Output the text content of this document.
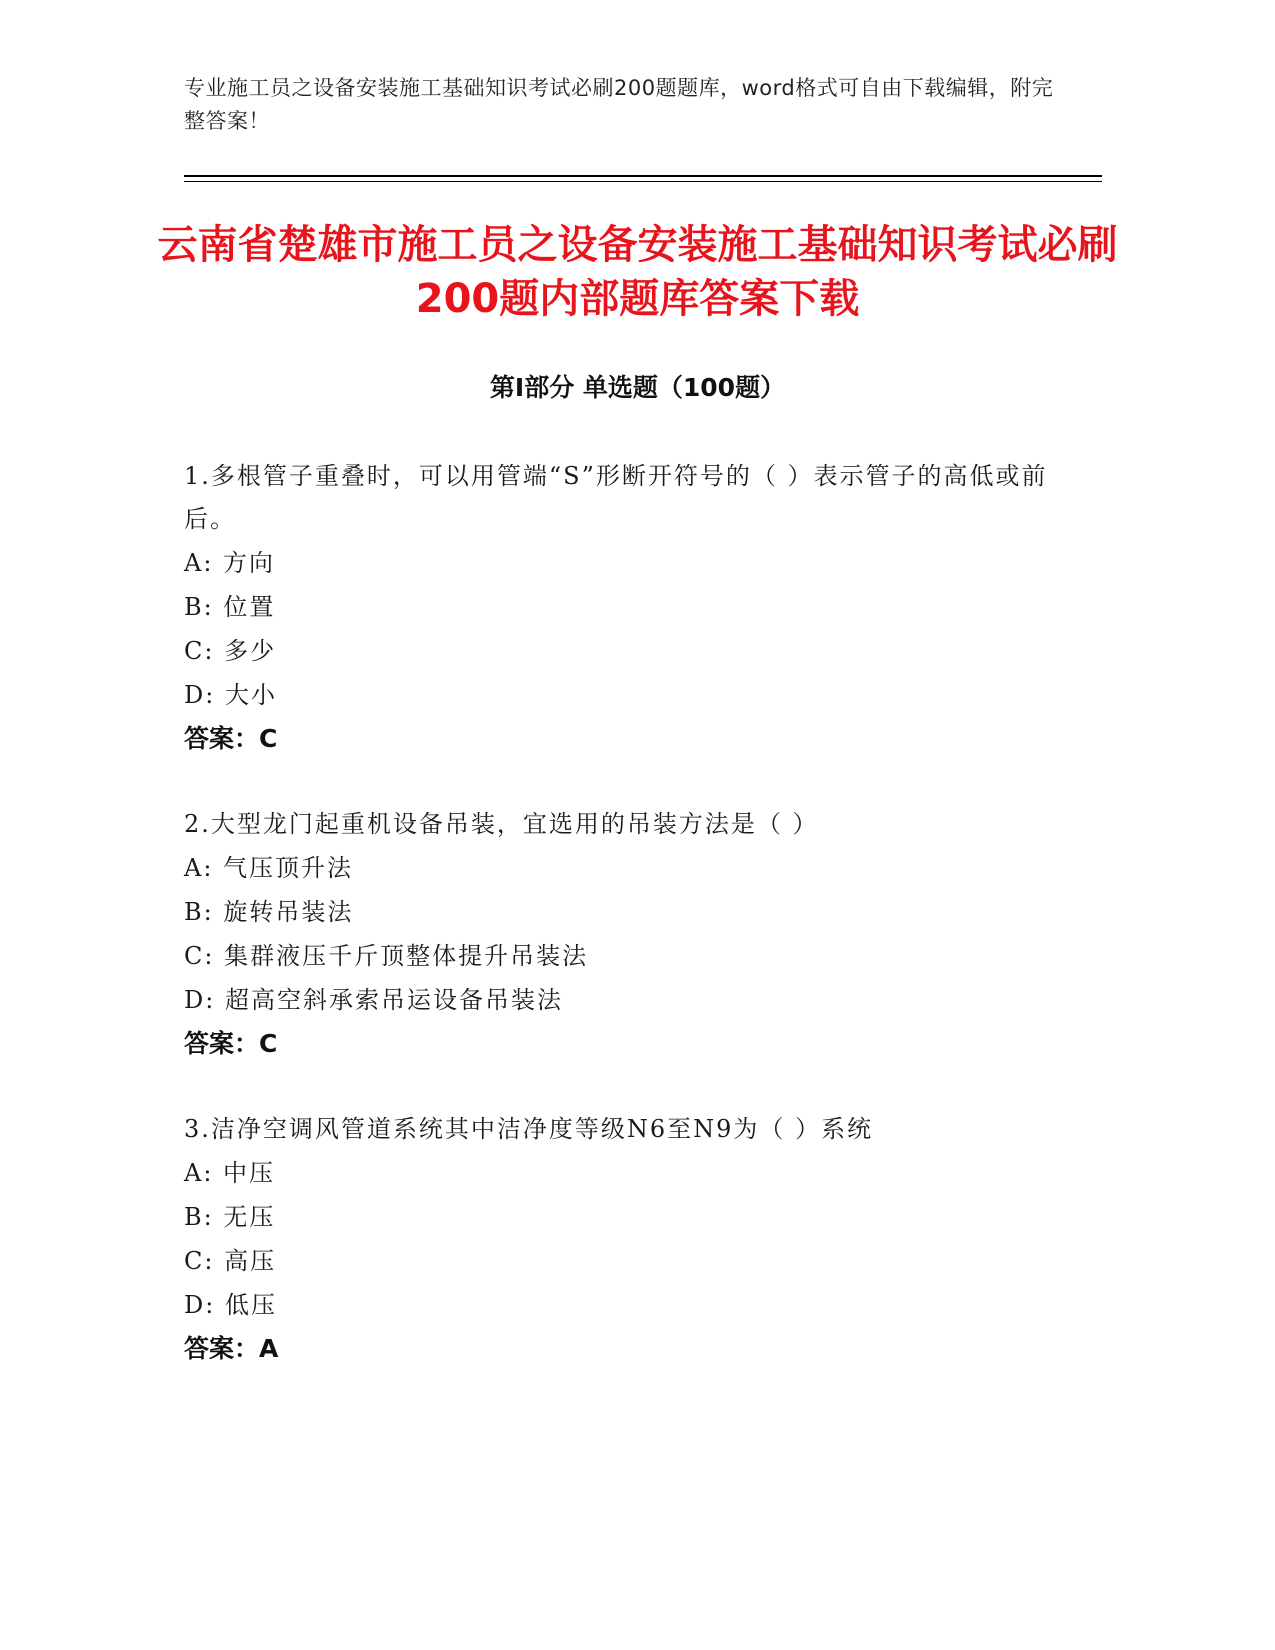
专业施工员之设备安装施工基础知识考试必刷200题题库，word格式可自由下载编辑，附完整答案！
云南省楚雄市施工员之设备安装施工基础知识考试必刷200题内部题库答案下载
第Ⅰ部分 单选题（100题）
1.多根管子重叠时，可以用管端“S”形断开符号的（ ）表示管子的高低或前后。
A: 方向
B: 位置
C: 多少
D: 大小
答案：C
2.大型龙门起重机设备吊装，宜选用的吊装方法是（ ）
A: 气压顶升法
B: 旋转吊装法
C: 集群液压千斤顶整体提升吊装法
D: 超高空斜承索吊运设备吊装法
答案：C
3.洁净空调风管道系统其中洁净度等级N6至N9为（ ）系统
A: 中压
B: 无压
C: 高压
D: 低压
答案：A
